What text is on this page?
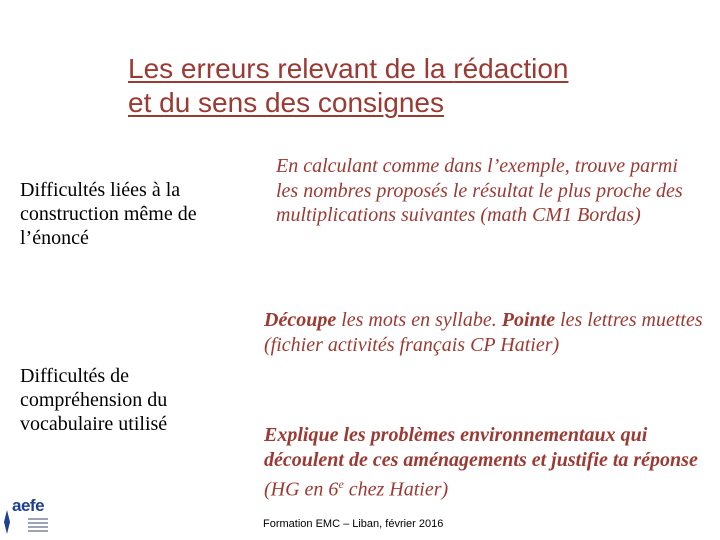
Les erreurs relevant de la rédaction
et du sens des consignes
Difficultés liées à la construction même de l’énoncé
Difficultés de compréhension du vocabulaire utilisé
En calculant comme dans l’exemple, trouve parmi les nombres proposés le résultat le plus proche des multiplications suivantes (math CM1 Bordas)
Découpe les mots en syllabe. Pointe les lettres muettes (fichier activités français CP Hatier)
Explique les problèmes environnementaux qui découlent de ces aménagements et justifie ta réponse (HG en 6e chez Hatier)
aefe
Formation EMC – Liban, février 2016
